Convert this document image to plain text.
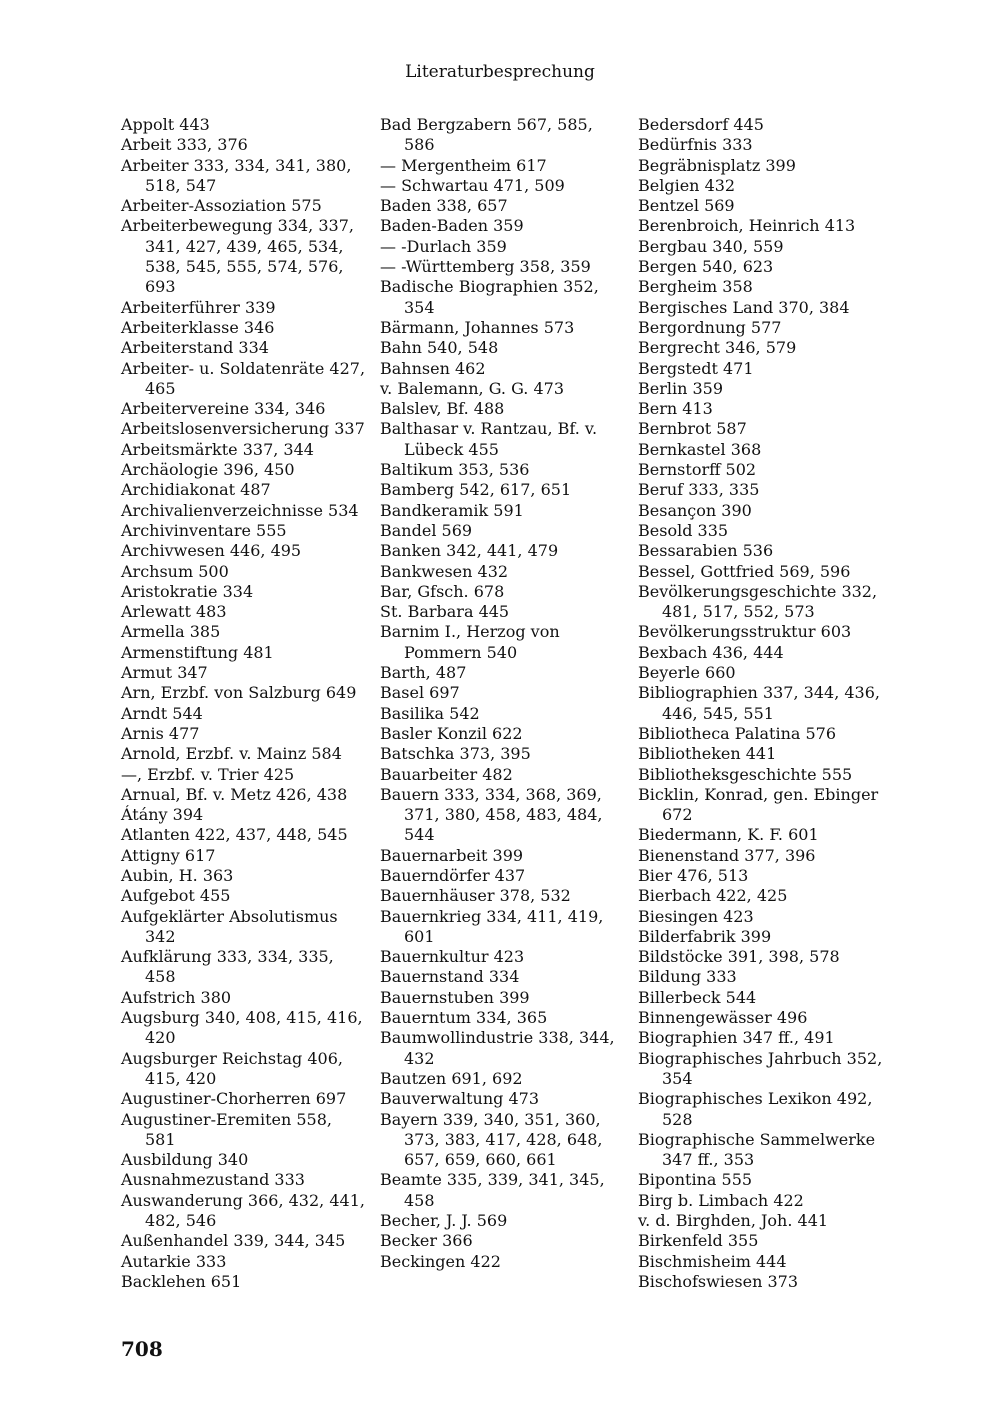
Literaturbesprechung
Appolt 443
Arbeit 333, 376
Arbeiter 333, 334, 341, 380, 518, 547
Arbeiter-Assoziation 575
Arbeiterbewegung 334, 337, 341, 427, 439, 465, 534, 538, 545, 555, 574, 576, 693
Arbeiterführer 339
Arbeiterklasse 346
Arbeiterstand 334
Arbeiter- u. Soldatenräte 427, 465
Arbeitervereine 334, 346
Arbeitslosenversicherung 337
Arbeitsmärkte 337, 344
Archäologie 396, 450
Archidiakonat 487
Archivalienverzeichnisse 534
Archivinventare 555
Archivwesen 446, 495
Archsum 500
Aristokratie 334
Arlewatt 483
Armella 385
Armenstiftung 481
Armut 347
Arn, Erzbf. von Salzburg 649
Arndt 544
Arnis 477
Arnold, Erzbf. v. Mainz 584
—, Erzbf. v. Trier 425
Arnual, Bf. v. Metz 426, 438
Átány 394
Atlanten 422, 437, 448, 545
Attigny 617
Aubin, H. 363
Aufgebot 455
Aufgeklärter Absolutismus 342
Aufklärung 333, 334, 335, 458
Aufstrich 380
Augsburg 340, 408, 415, 416, 420
Augsburger Reichstag 406, 415, 420
Augustiner-Chorherren 697
Augustiner-Eremiten 558, 581
Ausbildung 340
Ausnahmezustand 333
Auswanderung 366, 432, 441, 482, 546
Außenhandel 339, 344, 345
Autarkie 333
Backlehen 651
Bad Bergzabern 567, 585, 586
— Mergentheim 617
— Schwartau 471, 509
Baden 338, 657
Baden-Baden 359
— -Durlach 359
— -Württemberg 358, 359
Badische Biographien 352, 354
Bärmann, Johannes 573
Bahn 540, 548
Bahnsen 462
v. Balemann, G. G. 473
Balslev, Bf. 488
Balthasar v. Rantzau, Bf. v. Lübeck 455
Baltikum 353, 536
Bamberg 542, 617, 651
Bandkeramik 591
Bandel 569
Banken 342, 441, 479
Bankwesen 432
Bar, Gfsch. 678
St. Barbara 445
Barnim I., Herzog von Pommern 540
Barth, 487
Basel 697
Basilika 542
Basler Konzil 622
Batschka 373, 395
Bauarbeiter 482
Bauern 333, 334, 368, 369, 371, 380, 458, 483, 484, 544
Bauernarbeit 399
Bauerndörfer 437
Bauernhäuser 378, 532
Bauernkrieg 334, 411, 419, 601
Bauernkultur 423
Bauernstand 334
Bauernstuben 399
Bauerntum 334, 365
Baumwollindustrie 338, 344, 432
Bautzen 691, 692
Bauverwaltung 473
Bayern 339, 340, 351, 360, 373, 383, 417, 428, 648, 657, 659, 660, 661
Beamte 335, 339, 341, 345, 458
Becher, J. J. 569
Becker 366
Beckingen 422
Bedersdorf 445
Bedürfnis 333
Begräbnisplatz 399
Belgien 432
Bentzel 569
Berenbroich, Heinrich 413
Bergbau 340, 559
Bergen 540, 623
Bergheim 358
Bergisches Land 370, 384
Bergordnung 577
Bergrecht 346, 579
Bergstedt 471
Berlin 359
Bern 413
Bernbrot 587
Bernkastel 368
Bernstorff 502
Beruf 333, 335
Besançon 390
Besold 335
Bessarabien 536
Bessel, Gottfried 569, 596
Bevölkerungsgeschichte 332, 481, 517, 552, 573
Bevölkerungsstruktur 603
Bexbach 436, 444
Beyerle 660
Bibliographien 337, 344, 436, 446, 545, 551
Bibliotheca Palatina 576
Bibliotheken 441
Bibliotheksgeschichte 555
Bicklin, Konrad, gen. Ebinger 672
Biedermann, K. F. 601
Bienenstand 377, 396
Bier 476, 513
Bierbach 422, 425
Biesingen 423
Bilderfabrik 399
Bildstöcke 391, 398, 578
Bildung 333
Billerbeck 544
Binnengewässer 496
Biographien 347 ff., 491
Biographisches Jahrbuch 352, 354
Biographisches Lexikon 492, 528
Biographische Sammelwerke 347 ff., 353
Bipontina 555
Birg b. Limbach 422
v. d. Birghden, Joh. 441
Birkenfeld 355
Bischmisheim 444
Bischofswiesen 373
708
